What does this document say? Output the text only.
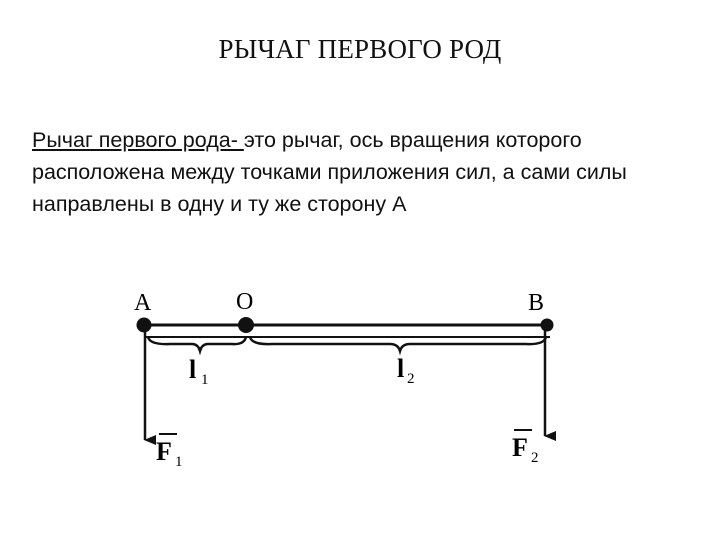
РЫЧАГ ПЕРВОГО РОД
Рычаг первого рода- это рычаг, ось вращения которого расположена между точками приложения сил, а сами силы направлены в одну и ту же сторону А
A	O	B
l 1	l 2
F 1	F 2
